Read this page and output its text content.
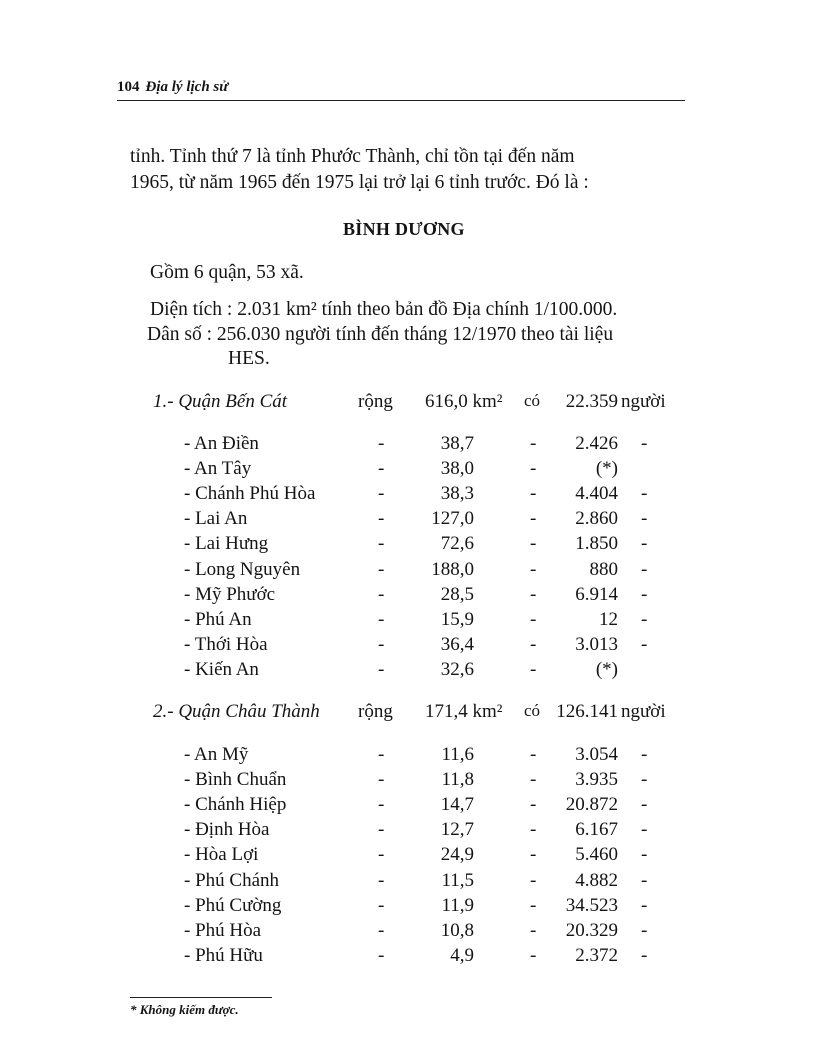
104 Địa lý lịch sử
tỉnh. Tỉnh thứ 7 là tỉnh Phước Thành, chỉ tồn tại đến năm
1965, từ năm 1965 đến 1975 lại trở lại 6 tỉnh trước. Đó là :
BÌNH DƯƠNG
Gồm 6 quận, 53 xã.
Diện tích : 2.031 km² tính theo bản đồ Địa chính 1/100.000.
Dân số : 256.030 người tính đến tháng 12/1970 theo tài liệu
HES.
1.- Quận Bến Cát	rộng 616,0 km² có	22.359 người
- An Điền	-	38,7	-	2.426 -
- An Tây	-	38,0	-	(*)
- Chánh Phú Hòa	-	38,3	-	4.404 -
- Lai An	-	127,0	-	2.860 -
- Lai Hưng	-	72,6	-	1.850 -
- Long Nguyên	-	188,0	-	880 -
- Mỹ Phước	-	28,5	-	6.914 -
- Phú An	-	15,9	-	12 -
- Thới Hòa	-	36,4	-	3.013 -
- Kiến An	-	32,6	-	(*)
2.- Quận Châu Thành rộng 171,4 km² có 126.141 người
- An Mỹ	-	11,6	-	3.054 -
- Bình Chuẩn	-	11,8	-	3.935 -
- Chánh Hiệp	-	14,7	-	20.872 -
- Định Hòa	-	12,7	-	6.167 -
- Hòa Lợi	-	24,9	-	5.460 -
- Phú Chánh	-	11,5	-	4.882 -
- Phú Cường	-	11,9	-	34.523 -
- Phú Hòa	-	10,8	-	20.329 -
- Phú Hữu	-	4,9	-	2.372 -
* Không kiếm được.
